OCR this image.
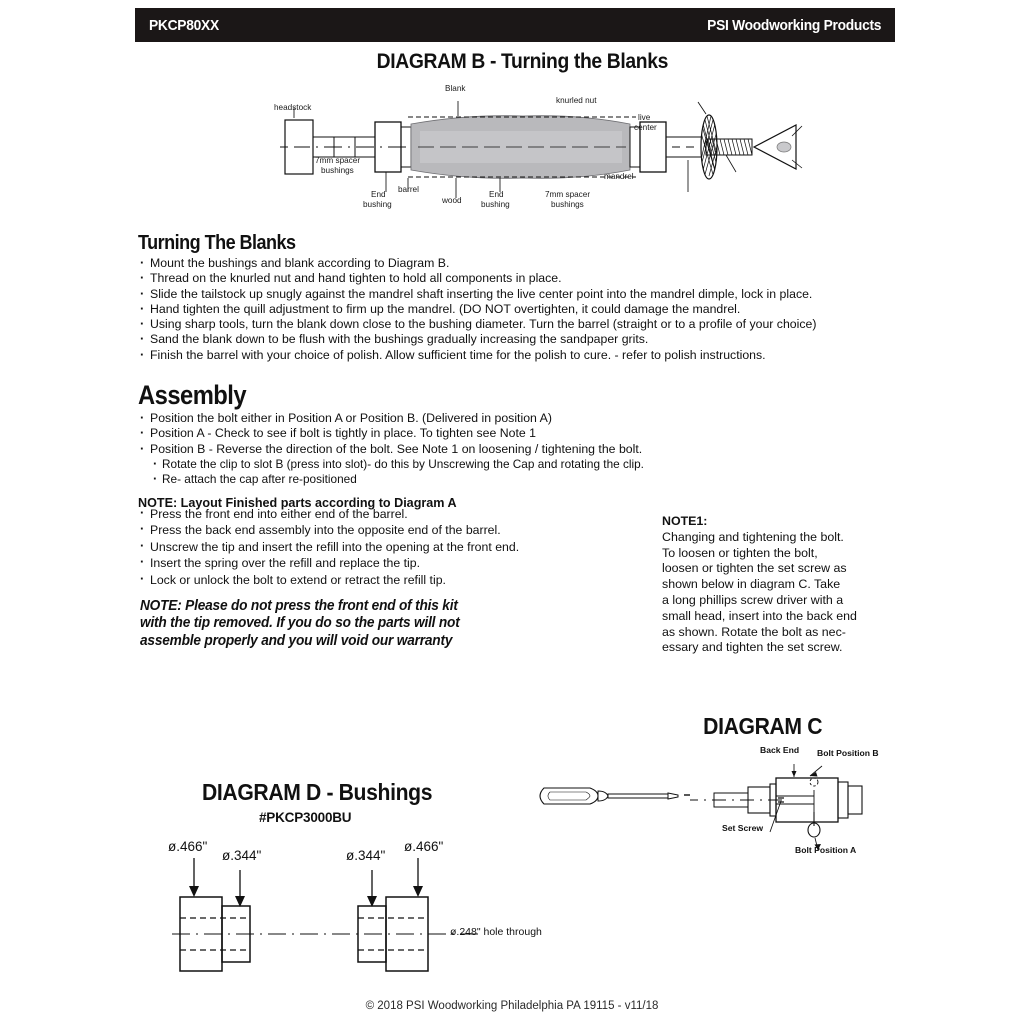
PKCP80XX	PSI Woodworking Products
DIAGRAM B - Turning the Blanks
headstock
Blank
7mm spacer
bushings
End
bushing
barrel
wood
End
bushing
7mm spacer
bushings
knurled nut
mandrel
live
center
Turning The Blanks
· Mount the bushings and blank according to Diagram B.
· Thread on the knurled nut and hand tighten to hold all components in place.
· Slide the tailstock up snugly against the mandrel shaft inserting the live center point into the mandrel dimple, lock in place.
· Hand tighten the quill adjustment to firm up the mandrel. (DO NOT overtighten, it could damage the mandrel.
· Using sharp tools, turn the blank down close to the bushing diameter. Turn the barrel (straight or to a profile of your choice)
· Sand the blank down to be flush with the bushings gradually increasing the sandpaper grits.
· Finish the barrel with your choice of polish. Allow sufficient time for the polish to cure. - refer to polish instructions.
Assembly
· Position the bolt either in Position A or Position B. (Delivered in position A)
· Position A - Check to see if bolt is tightly in place. To tighten see Note 1
· Position B - Reverse the direction of the bolt. See Note 1 on loosening / tightening the bolt.
· Rotate the clip to slot B (press into slot)- do this by Unscrewing the Cap and rotating the clip.
· Re- attach the cap after re-positioned
NOTE: Layout Finished parts according to Diagram A
· Press the front end into either end of the barrel.
· Press the back end assembly into the opposite end of the barrel.
· Unscrew the tip and insert the refill into the opening at the front end.
· Insert the spring over the refill and replace the tip.
· Lock or unlock the bolt to extend or retract the refill tip.
NOTE: Please do not press the front end of this kit
with the tip removed. If you do so the parts will not
assemble properly and you will void our warranty
NOTE1:
Changing and tightening the bolt.
To loosen or tighten the bolt,
loosen or tighten the set screw as
shown below in diagram C. Take
a long phillips screw driver with a
small head, insert into the back end
as shown. Rotate the bolt as nec-
essary and tighten the set screw.
DIAGRAM C
Back End Bolt Position B
Set Screw
Bolt Position A
DIAGRAM D - Bushings
#PKCP3000BU
ø.466"
ø.344"	ø.344"
ø.466"
ø.248" hole through
© 2018 PSI Woodworking Philadelphia PA 19115 - v11/18
